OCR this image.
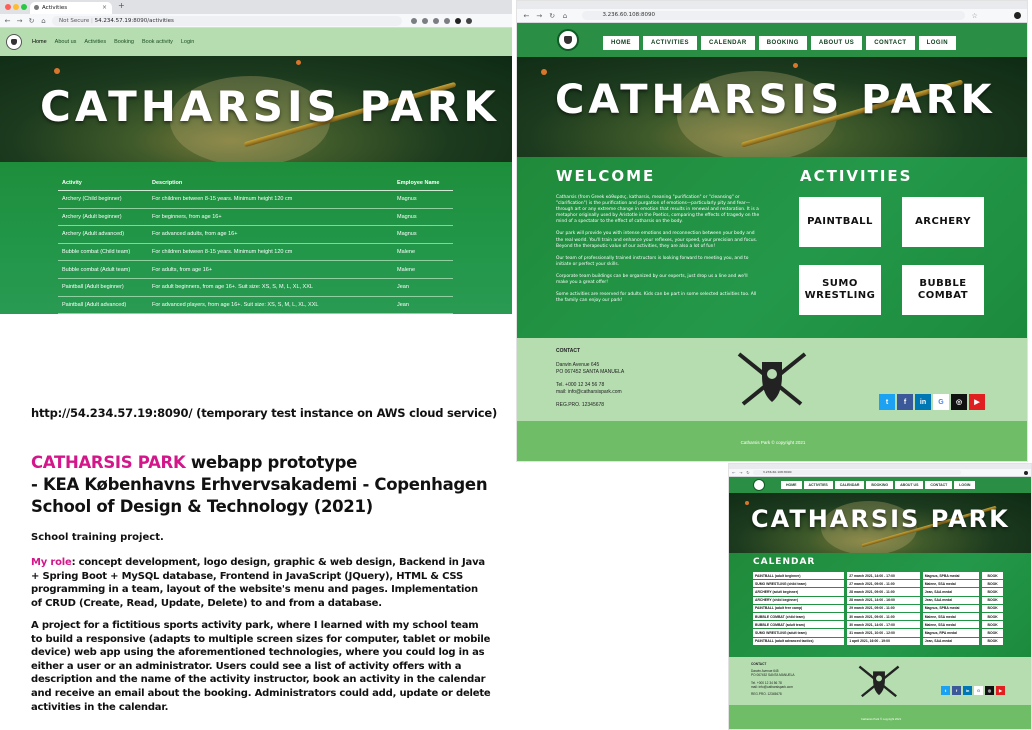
Activities	× +
← → ↻ ⌂	Not Secure | 54.234.57.19:8090/activities
Home About us Activities Booking Book activity Login
CATHARSIS PARK
Activity	Description	Employee Name
Archery (Child beginner)	For children between 8-15 years. Minimum height 120 cm	Magnus
Archery (Adult beginner)	For beginners, from age 16+	Magnus
Archery (Adult advanced)	For advanced adults, from age 16+	Magnus
Bubble combat (Child team)	For children between 8-15 years. Minimum height 120 cm	Malene
Bubble combat (Adult team)	For adults, from age 16+	Malene
Paintball (Adult beginner)	For adult beginners, from age 16+. Suit size: XS, S, M, L, XL, XXL	Jean
Paintball (Adult advanced)	For advanced players, from age 16+. Suit size: XS, S, M, L, XL, XXL	Jean
← → ↻ ⌂	3.236.60.108:8090	☆
HOME	ACTIVITIES	CALENDAR	BOOKING	ABOUT US	CONTACT	LOGIN
CATHARSIS PARK
WELCOME

Catharsis (from Greek κάθαρσις, katharsis, meaning "purification" or "cleansing" or "clarification") is the purification and purgation of emotions—particularly pity and fear—through art or any extreme change in emotion that results in renewal and restoration. It is a metaphor originally used by Aristotle in the Poetics, comparing the effects of tragedy on the mind of a spectator to the effect of catharsis on the body.

Our park will provide you with intense emotions and reconnection between your body and the real world. You'll train and enhance your reflexes, your speed, your precision and focus. Beyond the therapeutic value of our activities, they are also a lot of fun!

Our team of professionally trained instructors is looking forward to meeting you, and to initiate or perfect your skills.

Corporate team buildings can be organized by our experts, just drop us a line and we'll make you a great offer!

Some activities are reserved for adults. Kids can be part in some selected activities too. All the family can enjoy our park!

ACTIVITIES
PAINTBALL	ARCHERY
SUMO WRESTLING
BUBBLE COMBAT
CONTACT
Darwin Avenue 645
PO 067452 SANTA MANUELA
Tel. +000 12 34 56 78
mail: info@catharsispark.com
REG.PRO. 12345678	t	f	in	G	◎	▶
Catharsis Park © copyright 2021
← → ↻	3.236.60.108:8090
HOME	ACTIVITIES	CALENDAR	BOOKING	ABOUT US	CONTACT	LOGIN
CATHARSIS PARK
CALENDAR
PAINTBALL (adult beginner)		27 march 2021, 14:00 - 17:00		Magnus, SPBA medal		BOOK
SUMO WRESTLING (child team)		27 march 2021, 09:00 - 11:00		Malene, SSA medal		BOOK
ARCHERY (adult beginner)		28 march 2021, 09:00 - 11:00		Jean, SAA medal		BOOK
ARCHERY (child beginner)		28 march 2021, 14:00 - 16:00		Jean, SAA medal		BOOK
PAINTBALL (adult free camp)		29 march 2021, 09:00 - 11:00		Magnus, SPBA medal		BOOK
BUBBLE COMBAT (child team)		30 march 2021, 09:00 - 11:00		Malene, SSA medal		BOOK
BUBBLE COMBAT (adult team)		30 march 2021, 14:00 - 17:00		Malene, SSA medal		BOOK
SUMO WRESTLING (adult team)		31 march 2021, 10:00 - 12:00		Magnus, RPA medal		BOOK
PAINTBALL (adult advanced tactics)		1 april 2021, 16:00 - 19:00		Jean, SAA medal		BOOK
CONTACT
Darwin Avenue 645
PO 067452 SANTA MANUELA
Tel. +000 12 34 56 78
mail: info@catharsispark.com
REG.PRO. 12345678
t	f	in	G	◎	▶
Catharsis Park © copyright 2021
http://54.234.57.19:8090/ (temporary test instance on AWS cloud service)
CATHARSIS PARK webapp prototype
- KEA Københavns Erhvervsakademi - Copenhagen School of Design & Technology (2021)
School training project.
My role: concept development, logo design, graphic & web design, Backend in Java + Spring Boot + MySQL database, Frontend in JavaScript (JQuery), HTML & CSS programming in a team, layout of the website's menu and pages. Implementation of CRUD (Create, Read, Update, Delete) to and from a database.
A project for a fictitious sports activity park, where I learned with my school team to build a responsive (adapts to multiple screen sizes for computer, tablet or mobile device) web app using the aforementioned technologies, where you could log in as either a user or an administrator. Users could see a list of activity offers with a description and the name of the activity instructor, book an activity in the calendar and receive an email about the booking. Administrators could add, update or delete activities in the calendar.
